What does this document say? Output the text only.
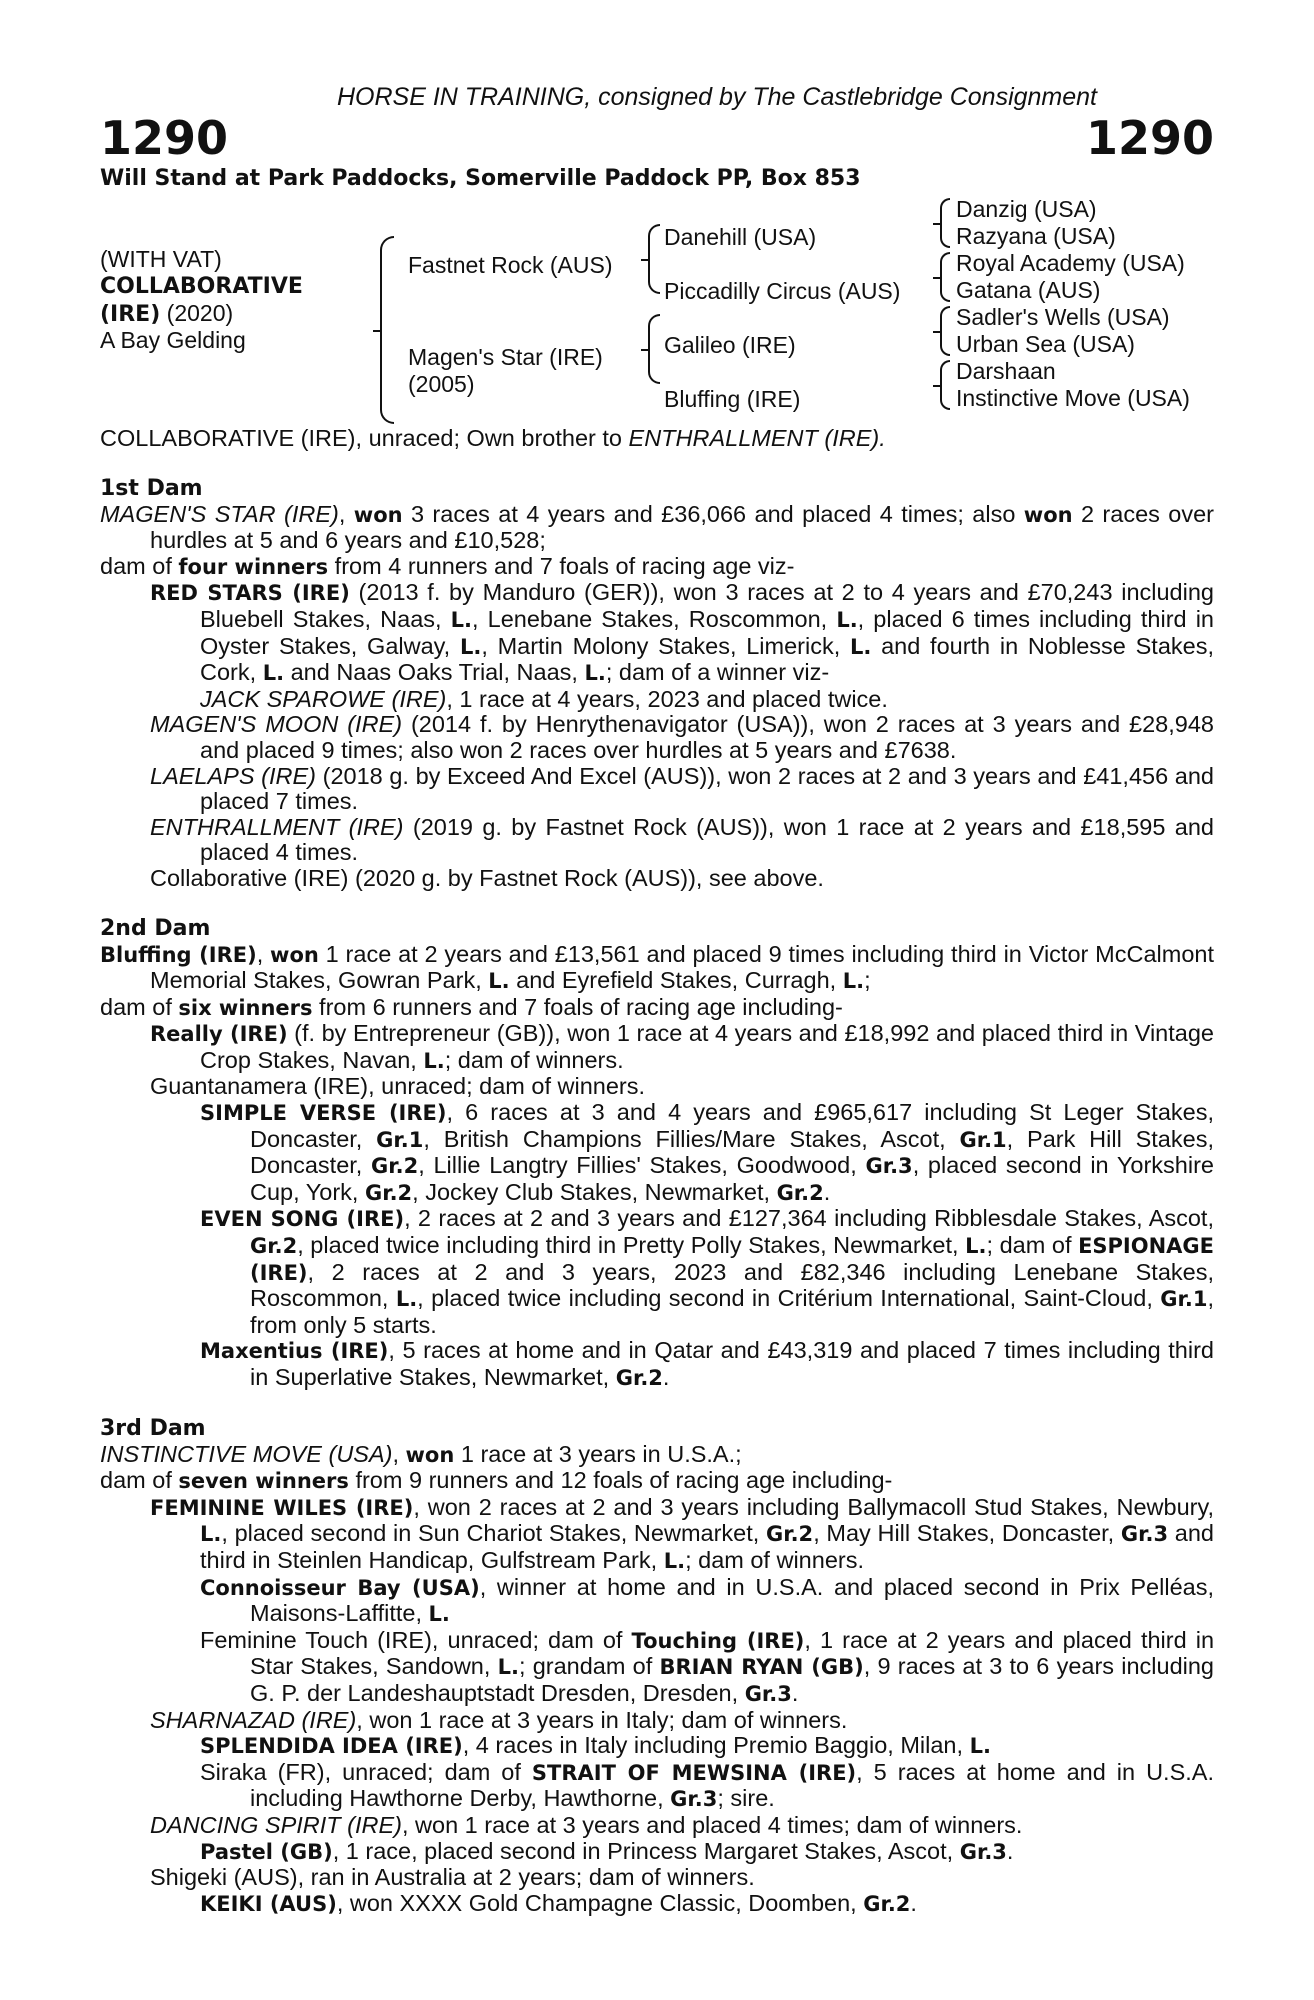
HORSE IN TRAINING, consigned by The Castlebridge Consignment
1290	1290
Will Stand at Park Paddocks, Somerville Paddock PP, Box 853
(WITH VAT)
COLLABORATIVE
(IRE) (2020)
A Bay Gelding
Fastnet Rock (AUS)
Magen's Star (IRE)
(2005)
Danehill (USA)
Piccadilly Circus (AUS)
Galileo (IRE)
Bluffing (IRE)
Danzig (USA)
Razyana (USA)
Royal Academy (USA)
Gatana (AUS)
Sadler's Wells (USA)
Urban Sea (USA)
Darshaan
Instinctive Move (USA)

COLLABORATIVE (IRE), unraced; Own brother to ENTHRALLMENT (IRE).

1st Dam

MAGEN'S STAR (IRE), won 3 races at 4 years and £36,066 and placed 4 times; also won 2 races over hurdles at 5 and 6 years and £10,528;

dam of four winners from 4 runners and 7 foals of racing age viz-

RED STARS (IRE) (2013 f. by Manduro (GER)), won 3 races at 2 to 4 years and £70,243 including Bluebell Stakes, Naas, L., Lenebane Stakes, Roscommon, L., placed 6 times including third in Oyster Stakes, Galway, L., Martin Molony Stakes, Limerick, L. and fourth in Noblesse Stakes, Cork, L. and Naas Oaks Trial, Naas, L.; dam of a winner viz-

JACK SPAROWE (IRE), 1 race at 4 years, 2023 and placed twice.

MAGEN'S MOON (IRE) (2014 f. by Henrythenavigator (USA)), won 2 races at 3 years and £28,948 and placed 9 times; also won 2 races over hurdles at 5 years and £7638.

LAELAPS (IRE) (2018 g. by Exceed And Excel (AUS)), won 2 races at 2 and 3 years and £41,456 and placed 7 times.

ENTHRALLMENT (IRE) (2019 g. by Fastnet Rock (AUS)), won 1 race at 2 years and £18,595 and placed 4 times.

Collaborative (IRE) (2020 g. by Fastnet Rock (AUS)), see above.

2nd Dam

Bluffing (IRE), won 1 race at 2 years and £13,561 and placed 9 times including third in Victor McCalmont Memorial Stakes, Gowran Park, L. and Eyrefield Stakes, Curragh, L.;

dam of six winners from 6 runners and 7 foals of racing age including-

Really (IRE) (f. by Entrepreneur (GB)), won 1 race at 4 years and £18,992 and placed third in Vintage Crop Stakes, Navan, L.; dam of winners.

Guantanamera (IRE), unraced; dam of winners.

SIMPLE VERSE (IRE), 6 races at 3 and 4 years and £965,617 including St Leger Stakes, Doncaster, Gr.1, British Champions Fillies/Mare Stakes, Ascot, Gr.1, Park Hill Stakes, Doncaster, Gr.2, Lillie Langtry Fillies' Stakes, Goodwood, Gr.3, placed second in Yorkshire Cup, York, Gr.2, Jockey Club Stakes, Newmarket, Gr.2.

EVEN SONG (IRE), 2 races at 2 and 3 years and £127,364 including Ribblesdale Stakes, Ascot, Gr.2, placed twice including third in Pretty Polly Stakes, Newmarket, L.; dam of ESPIONAGE (IRE), 2 races at 2 and 3 years, 2023 and £82,346 including Lenebane Stakes, Roscommon, L., placed twice including second in Critérium International, Saint-Cloud, Gr.1, from only 5 starts.

Maxentius (IRE), 5 races at home and in Qatar and £43,319 and placed 7 times including third in Superlative Stakes, Newmarket, Gr.2.

3rd Dam

INSTINCTIVE MOVE (USA), won 1 race at 3 years in U.S.A.;

dam of seven winners from 9 runners and 12 foals of racing age including-

FEMININE WILES (IRE), won 2 races at 2 and 3 years including Ballymacoll Stud Stakes, Newbury, L., placed second in Sun Chariot Stakes, Newmarket, Gr.2, May Hill Stakes, Doncaster, Gr.3 and third in Steinlen Handicap, Gulfstream Park, L.; dam of winners.

Connoisseur Bay (USA), winner at home and in U.S.A. and placed second in Prix Pelléas, Maisons-Laffitte, L.

Feminine Touch (IRE), unraced; dam of Touching (IRE), 1 race at 2 years and placed third in Star Stakes, Sandown, L.; grandam of BRIAN RYAN (GB), 9 races at 3 to 6 years including G. P. der Landeshauptstadt Dresden, Dresden, Gr.3.

SHARNAZAD (IRE), won 1 race at 3 years in Italy; dam of winners.

SPLENDIDA IDEA (IRE), 4 races in Italy including Premio Baggio, Milan, L.

Siraka (FR), unraced; dam of STRAIT OF MEWSINA (IRE), 5 races at home and in U.S.A. including Hawthorne Derby, Hawthorne, Gr.3; sire.

DANCING SPIRIT (IRE), won 1 race at 3 years and placed 4 times; dam of winners.

Pastel (GB), 1 race, placed second in Princess Margaret Stakes, Ascot, Gr.3.

Shigeki (AUS), ran in Australia at 2 years; dam of winners.

KEIKI (AUS), won XXXX Gold Champagne Classic, Doomben, Gr.2.
